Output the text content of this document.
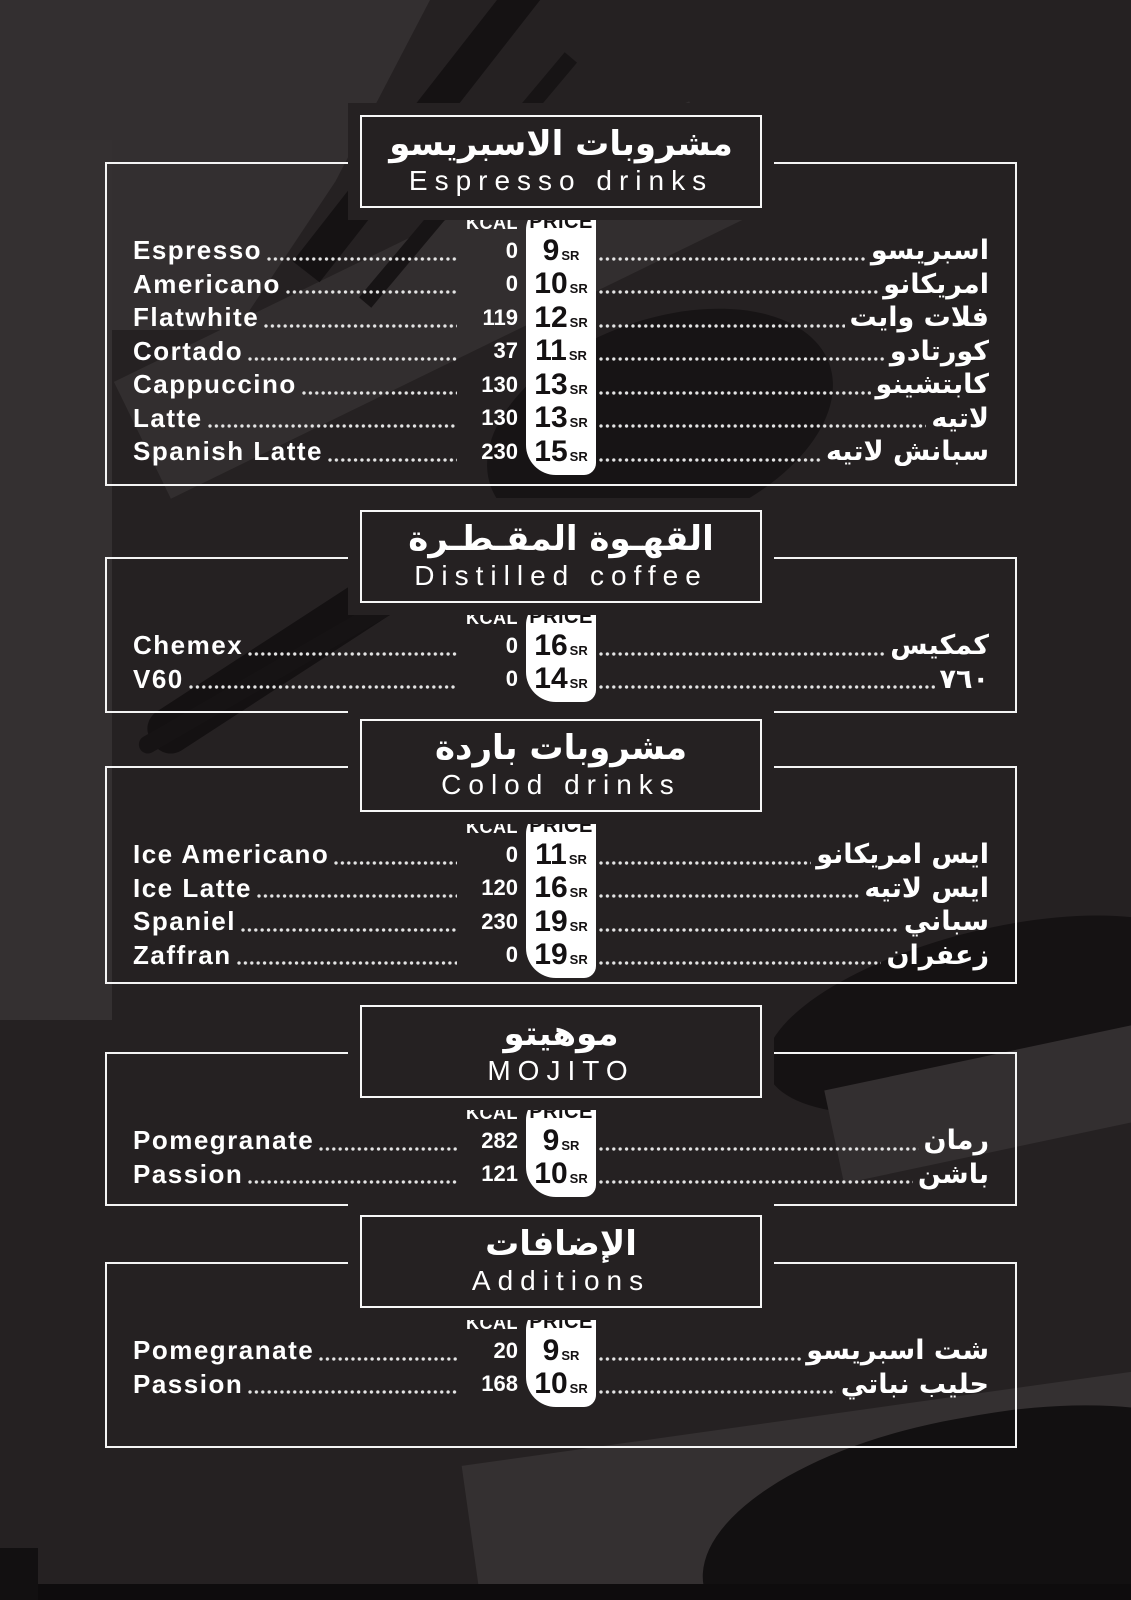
KCAL PRICE
Espresso	0 9 SR	اسبريسو
Americano	0 10 SR	امريكانو
Flatwhite	119 12 SR	فلات وايت
Cortado	37 11 SR	كورتادو
Cappuccino	130 13 SR	كابتشينو
Latte	130 13 SR	لاتيه
Spanish Latte	230 15 SR	سبانش لاتيه
مشروبات الاسبريسو
Espresso drinks
KCAL PRICE
Chemex	0 16 SR	كمكيس
V60	0 14 SR	٧٦٠
القهـوة المقـطـرة
Distilled coffee
KCAL PRICE
Ice Americano	0 11 SR	ايس امريكانو
Ice Latte	120 16 SR	ايس لاتيه
Spaniel	230 19 SR	سباني
Zaffran	0 19 SR	زعفران
مشروبات باردة
Colod drinks
KCAL PRICE
Pomegranate	282 9 SR	رمان
Passion	121 10 SR	باشن
موهيتو
MOJITO
KCAL PRICE
Pomegranate	20 9 SR	شت اسبريسو
Passion	168 10 SR	حليب نباتي
الإضافات
Additions
